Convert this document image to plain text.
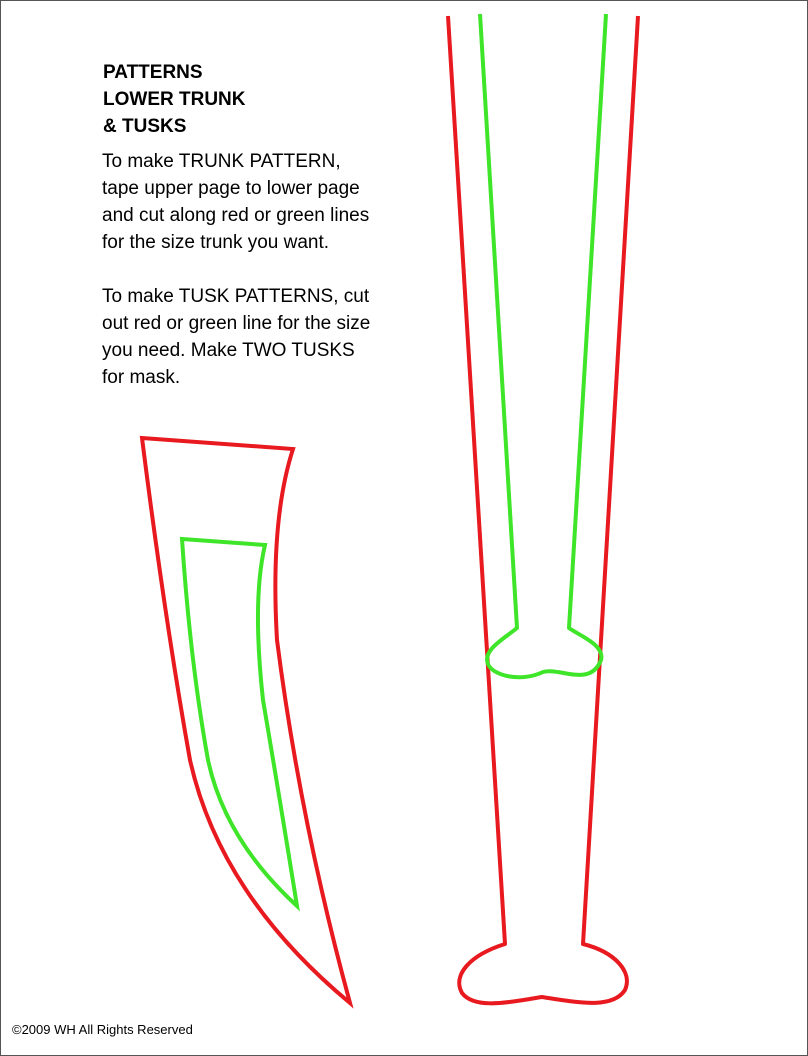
PATTERNS
LOWER TRUNK
& TUSKS

To make TRUNK PATTERN,
tape upper page to lower page
and cut along red or green lines
for the size trunk you want.

To make TUSK PATTERNS, cut
out red or green line for the size
you need. Make TWO TUSKS
for mask.

©2009 WH All Rights Reserved
